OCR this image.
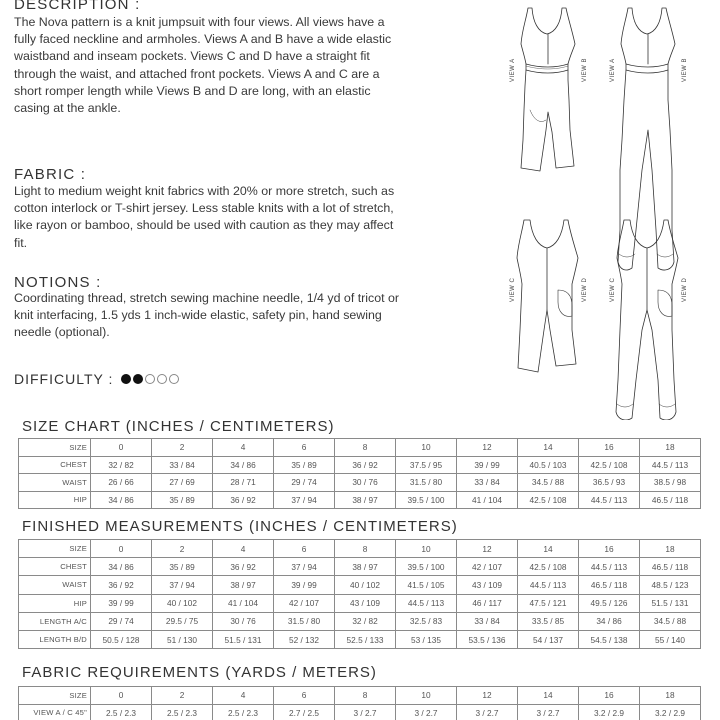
DESCRIPTION :
The Nova pattern is a knit jumpsuit with four views. All views have a fully faced neckline and armholes. Views A and B have a wide elastic waistband and inseam pockets. Views C and D have a straight fit through the waist, and attached front pockets. Views A and C are a short romper length while Views B and D are long, with an elastic casing at the ankle.
FABRIC :
Light to medium weight knit fabrics with 20% or more stretch, such as cotton interlock or T-shirt jersey. Less stable knits with a lot of stretch, like rayon or bamboo, should be used with caution as they may affect fit.
NOTIONS :
Coordinating thread, stretch sewing machine needle, 1/4 yd of tricot or knit interfacing, 1.5 yds 1 inch-wide elastic, safety pin, hand sewing needle (optional).
DIFFICULTY :
VIEW A	VIEW A
VIEW B	VIEW B
VIEW C	VIEW D	VIEW C	VIEW D
SIZE CHART (INCHES / CENTIMETERS)
SIZE	0	2	4	6	8	10	12	14	16	18
CHEST	32 / 82	33 / 84	34 / 86	35 / 89	36 / 92	37.5 / 95	39 / 99	40.5 / 103	42.5 / 108	44.5 / 113
WAIST	26 / 66	27 / 69	28 / 71	29 / 74	30 / 76	31.5 / 80	33 / 84	34.5 / 88	36.5 / 93	38.5 / 98
HIP	34 / 86	35 / 89	36 / 92	37 / 94	38 / 97	39.5 / 100	41 / 104	42.5 / 108	44.5 / 113	46.5 / 118
FINISHED MEASUREMENTS (INCHES / CENTIMETERS)
SIZE	0	2	4	6	8	10	12	14	16	18
CHEST	34 / 86	35 / 89	36 / 92	37 / 94	38 / 97	39.5 / 100	42 / 107	42.5 / 108	44.5 / 113	46.5 / 118
WAIST	36 / 92	37 / 94	38 / 97	39 / 99	40 / 102	41.5 / 105	43 / 109	44.5 / 113	46.5 / 118	48.5 / 123
HIP	39 / 99	40 / 102	41 / 104	42 / 107	43 / 109	44.5 / 113	46 / 117	47.5 / 121	49.5 / 126	51.5 / 131
LENGTH A/C	29 / 74	29.5 / 75	30 / 76	31.5 / 80	32 / 82	32.5 / 83	33 / 84	33.5 / 85	34 / 86	34.5 / 88
LENGTH B/D	50.5 / 128	51 / 130	51.5 / 131	52 / 132	52.5 / 133	53 / 135	53.5 / 136	54 / 137	54.5 / 138	55 / 140
FABRIC REQUIREMENTS (YARDS / METERS)
SIZE	0	2	4	6	8	10	12	14	16	18
VIEW A / C 45"	2.5 / 2.3	2.5 / 2.3	2.5 / 2.3	2.7 / 2.5	3 / 2.7	3 / 2.7	3 / 2.7	3 / 2.7	3.2 / 2.9	3.2 / 2.9
